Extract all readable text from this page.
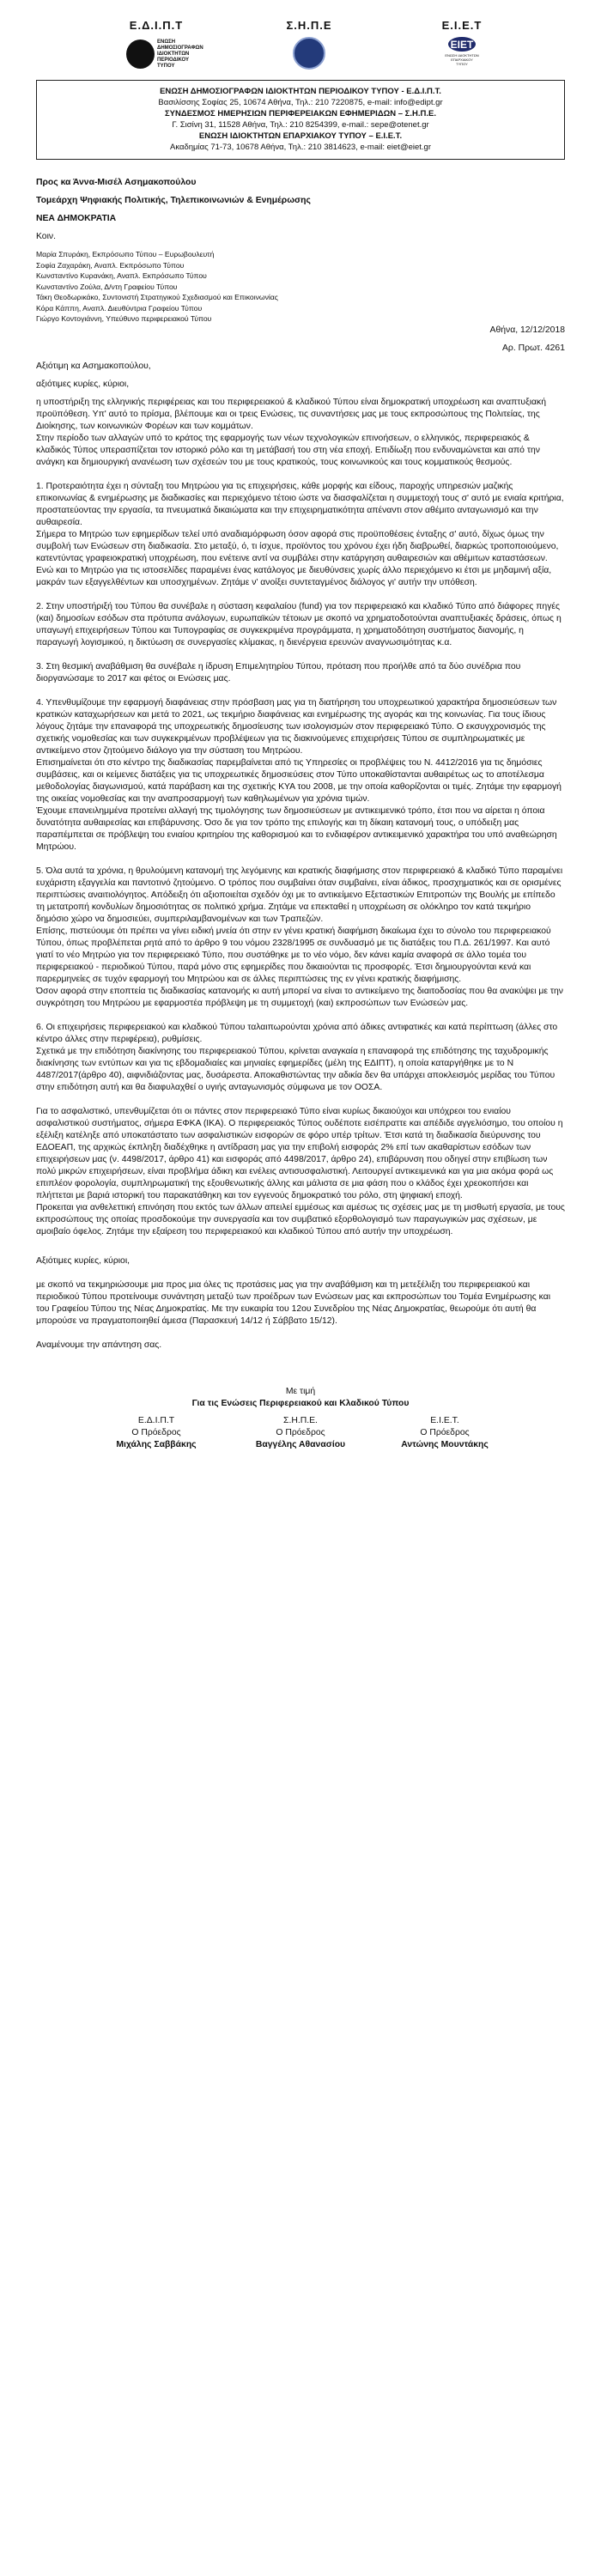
Ε.Δ.Ι.Π.Τ
ΕΝΩΣΗ ΔΗΜΟΣΙΟΓΡΑΦΩΝ ΙΔΙΟΚΤΗΤΩΝ ΠΕΡΙΟΔΙΚΟΥ ΤΥΠΟΥ
Σ.Η.Π.Ε	Ε.Ι.Ε.Τ
EIET
ΕΝΩΣΗ ΙΔΙΟΚΤΗΤΩΝ ΕΠΑΡΧΙΑΚΟΥ ΤΥΠΟΥ
ΕΝΩΣΗ ΔΗΜΟΣΙΟΓΡΑΦΩΝ ΙΔΙΟΚΤΗΤΩΝ ΠΕΡΙΟΔΙΚΟΥ ΤΥΠΟΥ - Ε.Δ.Ι.Π.Τ.
Βασιλίσσης Σοφίας 25, 10674 Αθήνα, Τηλ.: 210 7220875, e-mail: info@edipt.gr
ΣΥΝΔΕΣΜΟΣ ΗΜΕΡΗΣΙΩΝ ΠΕΡΙΦΕΡΕΙΑΚΩΝ ΕΦΗΜΕΡΙΔΩΝ – Σ.Η.Π.Ε.
Γ. Σισίνη 31, 11528 Αθήνα, Τηλ.: 210 8254399, e-mail.: sepe@otenet.gr
ΕΝΩΣΗ ΙΔΙΟΚΤΗΤΩΝ ΕΠΑΡΧΙΑΚΟΥ ΤΥΠΟΥ – Ε.Ι.Ε.Τ.
Ακαδημίας 71-73, 10678 Αθήνα, Τηλ.: 210 3814623, e-mail: eiet@eiet.gr
Προς κα Άννα-Μισέλ Ασημακοπούλου
Τομεάρχη Ψηφιακής Πολιτικής, Τηλεπικοινωνιών & Ενημέρωσης
ΝΕΑ ΔΗΜΟΚΡΑΤΙΑ
Κοιν.
Μαρία Σπυράκη, Εκπρόσωπο Τύπου – Ευρωβουλευτή
Σοφία Ζαχαράκη, Αναπλ. Εκπρόσωπο Τύπου
Κωνσταντίνο Κυρανάκη, Αναπλ. Εκπρόσωπο Τύπου
Κωνσταντίνο Ζούλα, Δ/ντη Γραφείου Τύπου
Τάκη Θεοδωρικάκο, Συντονιστή Στρατηγικού Σχεδιασμού και Επικοινωνίας
Κόρα Κάππη, Αναπλ. Διευθύντρια Γραφείου Τύπου
Γιώργο Κοντογιάννη, Υπεύθυνο περιφερειακού Τύπου
Αθήνα, 12/12/2018
Αρ. Πρωτ. 4261
Αξιότιμη κα Ασημακοπούλου,
αξιότιμες κυρίες, κύριοι,

η υποστήριξη της ελληνικής περιφέρειας και του περιφερειακού & κλαδικού Τύπου είναι δημοκρατική υποχρέωση και αναπτυξιακή προϋπόθεση. Υπ' αυτό το πρίσμα, βλέπουμε και οι τρεις Ενώσεις, τις συναντήσεις μας με τους εκπροσώπους της Πολιτείας, της Διοίκησης, των κοινωνικών Φορέων και των κομμάτων.

Στην περίοδο των αλλαγών υπό το κράτος της εφαρμογής των νέων τεχνολογικών επινοήσεων, ο ελληνικός, περιφερειακός & κλαδικός Τύπος υπερασπίζεται τον ιστορικό ρόλο και τη μετάβασή του στη νέα εποχή. Επιδίωξη που ενδυναμώνεται και από την ανάγκη και δημιουργική ανανέωση των σχέσεών του με τους κρατικούς, τους κοινωνικούς και τους κομματικούς θεσμούς.

1. Προτεραιότητα έχει η σύνταξη του Μητρώου για τις επιχειρήσεις, κάθε μορφής και είδους, παροχής υπηρεσιών μαζικής επικοινωνίας & ενημέρωσης με διαδικασίες και περιεχόμενο τέτοιο ώστε να διασφαλίζεται η συμμετοχή τους σ' αυτό με ενιαία κριτήρια, προστατεύοντας την εργασία, τα πνευματικά δικαιώματα και την επιχειρηματικότητα απέναντι στον αθέμιτο ανταγωνισμό και την αυθαιρεσία.

Σήμερα το Μητρώο των εφημερίδων τελεί υπό αναδιαμόρφωση όσον αφορά στις προϋποθέσεις ένταξης σ' αυτό, δίχως όμως την συμβολή των Ενώσεων στη διαδικασία. Στο μεταξύ, ό, τι ίσχυε, προϊόντος του χρόνου έχει ήδη διαβρωθεί, διαρκώς τροποποιούμενο, κατεντύντας γραφειοκρατική υποχρέωση, που ενέτεινε αντί να συμβάλει στην κατάργηση αυθαιρεσιών και αθέμιτων καταστάσεων. Ενώ και το Μητρώο για τις ιστοσελίδες παραμένει ένας κατάλογος με διευθύνσεις χωρίς άλλο περιεχόμενο κι έτσι με μηδαμινή αξία, μακράν των εξαγγελθέντων και υποσχημένων. Ζητάμε ν' ανοίξει συντεταγμένος διάλογος γι' αυτήν την υπόθεση.

2. Στην υποστήριξή του Τύπου θα συνέβαλε η σύσταση κεφαλαίου (fund) για τον περιφερειακό και κλαδικό Τύπο από διάφορες πηγές (και) δημοσίων εσόδων στα πρότυπα ανάλογων, ευρωπαϊκών τέτοιων με σκοπό να χρηματοδοτούνται αναπτυξιακές δράσεις, όπως η υπαγωγή επιχειρήσεων Τύπου και Τυπογραφίας σε συγκεκριμένα προγράμματα, η χρηματοδότηση συστήματος διανομής, η παραγωγή λογισμικού, η δικτύωση σε συνεργασίες κλίμακας, η διενέργεια ερευνών αναγνωσιμότητας κ.α.

3. Στη θεσμική αναβάθμιση θα συνέβαλε η ίδρυση Επιμελητηρίου Τύπου, πρόταση που προήλθε από τα δύο συνέδρια που διοργανώσαμε το 2017 και φέτος οι Ενώσεις μας.

4. Υπενθυμίζουμε την εφαρμογή διαφάνειας στην πρόσβαση μας για τη διατήρηση του υποχρεωτικού χαρακτήρα δημοσιεύσεων των κρατικών καταχωρήσεων και μετά το 2021, ως τεκμήριο διαφάνειας και ενημέρωσης της αγοράς και της κοινωνίας. Για τους ίδιους λόγους ζητάμε την επαναφορά της υποχρεωτικής δημοσίευσης των ισολογισμών στον περιφερειακό Τύπο. Ο εκσυγχρονισμός της σχετικής νομοθεσίας και των συγκεκριμένων προβλέψεων για τις διακινούμενες επιχειρήσεις Τύπου σε συμπληρωματικές με αντικείμενο στον ζητούμενο διάλογο για την σύσταση του Μητρώου.

Επισημαίνεται ότι στο κέντρο της διαδικασίας παρεμβαίνεται από τις Υπηρεσίες οι προβλέψεις του Ν. 4412/2016 για τις δημόσιες συμβάσεις, και οι κείμενες διατάξεις για τις υποχρεωτικές δημοσιεύσεις στον Τύπο υποκαθίστανται αυθαιρέτως ως το αποτέλεσμα μεθοδολογίας διαγωνισμού, κατά παράβαση και της σχετικής ΚΥΑ του 2008, με την οποία καθορίζονται οι τιμές. Ζητάμε την εφαρμογή της οικείας νομοθεσίας και την αναπροσαρμογή των καθηλωμένων για χρόνια τιμών.

Έχουμε επανειλημμένα προτείνει αλλαγή της τιμολόγησης των δημοσιεύσεων με αντικειμενικό τρόπο, έτσι που να αίρεται η όποια δυνατότητα αυθαιρεσίας και επιβάρυνσης. Όσο δε για τον τρόπο της επιλογής και τη δίκαιη κατανομή τους, ο υπόδειξη μας παραπέμπεται σε πρόβλεψη του ενιαίου κριτηρίου της καθορισμού και το ενδιαφέρον αντικειμενικό χαρακτήρα του υπό αναθεώρηση Μητρώου.

5. Όλα αυτά τα χρόνια, η θρυλούμενη κατανομή της λεγόμενης και κρατικής διαφήμισης στον περιφερειακό & κλαδικό Τύπο παραμένει ευχάριστη εξαγγελία και παντοτινό ζητούμενο. Ο τρόπος που συμβαίνει όταν συμβαίνει, είναι άδικος, προσχηματικός και σε ορισμένες περιπτώσεις αναιτιολόγητος. Απόδειξη ότι αξιοποιείται σχεδόν όχι με το αντικείμενο Εξεταστικών Επιτροπών της Βουλής με επίπεδο τη μετατροπή κονδυλίων δημοσιότητας σε πολιτικό χρήμα. Ζητάμε να επεκταθεί η υποχρέωση σε ολόκληρο τον κατά τεκμήριο δημόσιο χώρο να δημοσιεύει, συμπεριλαμβανομένων και των Τραπεζών.

Επίσης, πιστεύουμε ότι πρέπει να γίνει ειδική μνεία ότι στην εν γένει κρατική διαφήμιση δικαίωμα έχει το σύνολο του περιφερειακού Τύπου, όπως προβλέπεται ρητά από το άρθρο 9 του νόμου 2328/1995 σε συνδυασμό με τις διατάξεις του Π.Δ. 261/1997. Και αυτό γιατί το νέο Μητρώο για τον περιφερειακό Τύπο, που συστάθηκε με το νέο νόμο, δεν κάνει καμία αναφορά σε άλλο τομέα του περιφερειακού - περιοδικού Τύπου, παρά μόνο στις εφημερίδες που δικαιούνται τις προσφορές. Έτσι δημιουργούνται κενά και παρερμηνείες σε τυχόν εφαρμογή του Μητρώου και σε άλλες περιπτώσεις της εν γένει κρατικής διαφήμισης.

Όσον αφορά στην εποπτεία τις διαδικασίας κατανομής κι αυτή μπορεί να είναι το αντικείμενο της διαιτοδοσίας που θα ανακύψει με την συγκρότηση του Μητρώου με εφαρμοστέα πρόβλεψη με τη συμμετοχή (και) εκπροσώπων των Ενώσεών μας.

6. Οι επιχειρήσεις περιφερειακού και κλαδικού Τύπου ταλαιπωρούνται χρόνια από άδικες αντιφατικές και κατά περίπτωση (άλλες στο κέντρο άλλες στην περιφέρεια), ρυθμίσεις.

Σχετικά με την επιδότηση διακίνησης του περιφερειακού Τύπου, κρίνεται αναγκαία η επαναφορά της επιδότησης της ταχυδρομικής διακίνησης των εντύπων και για τις εβδομαδιαίες και μηνιαίες εφημερίδες (μέλη της ΕΔΙΠΤ), η οποία καταργήθηκε με το Ν 4487/2017(άρθρο 40), αιφνιδιάζοντας μας, δυσάρεστα. Αποκαθιστώντας την αδικία δεν θα υπάρχει αποκλεισμός μερίδας του Τύπου στην επιδότηση αυτή και θα διαφυλαχθεί ο υγιής ανταγωνισμός σύμφωνα με τον ΟΟΣΑ.

Για το ασφαλιστικό, υπενθυμίζεται ότι οι πάντες στον περιφερειακό Τύπο είναι κυρίως δικαιούχοι και υπόχρεοι του ενιαίου ασφαλιστικού συστήματος, σήμερα ΕΦΚΑ (ΙΚΑ). Ο περιφερειακός Τύπος ουδέποτε εισέπραττε και απέδιδε αγγελιόσημο, του οποίου η εξέλιξη κατέληξε από υποκατάστατο των ασφαλιστικών εισφορών σε φόρο υπέρ τρίτων. Έτσι κατά τη διαδικασία διεύρυνσης του ΕΔΟΕΑΠ, της αρχικώς έκπληξη διαδέχθηκε η αντίδραση μας για την επιβολή εισφοράς 2% επί των ακαθαρίστων εσόδων των επιχειρήσεων μας (ν. 4498/2017, άρθρο 41) και εισφοράς από 4498/2017, άρθρο 24), επιβάρυνση που οδηγεί στην επιβίωση των πολύ μικρών επιχειρήσεων, είναι προβλήμα άδικη και ενέλεις αντισυσφαλιστική. Λειτουργεί αντικειμενικά και για μια ακόμα φορά ως επιπλέον φορολογία, συμπληρωματική της εξουθενωτικής άλλης και μάλιστα σε μια φάση που ο κλάδος έχει χρεοκοπήσει και πλήττεται με βαριά ιστορική του παρακατάθηκη και τον εγγενούς δημοκρατικό του ρόλο, στη ψηφιακή εποχή.

Προκειται για ανθελεττική επινόηση που εκτός των άλλων απειλεί εμμέσως και αμέσως τις σχέσεις μας με τη μισθωτή εργασία, με τους εκπροσώπους της οποίας προσδοκούμε την συνεργασία και τον συμβατικό εξορθολογισμό των παραγωγικών μας σχέσεων, με αμοιβαίο όφελος. Ζητάμε την εξαίρεση του περιφερειακού και κλαδικού Τύπου από αυτήν την υποχρέωση.

Αξιότιμες κυρίες, κύριοι,

με σκοπό να τεκμηριώσουμε μια προς μια όλες τις προτάσεις μας για την αναβάθμιση και τη μετεξέλιξη του περιφερειακού και περιοδικού Τύπου προτείνουμε συνάντηση μεταξύ των προέδρων των Ενώσεων μας και εκπροσώπων του Τομέα Ενημέρωσης και του Γραφείου Τύπου της Νέας Δημοκρατίας. Με την ευκαιρία του 12ου Συνεδρίου της Νέας Δημοκρατίας, θεωρούμε ότι αυτή θα μπορούσε να πραγματοποιηθεί άμεσα (Παρασκευή 14/12 ή Σάββατο 15/12).

Αναμένουμε την απάντηση σας.

Με τιμή
Για τις Ενώσεις Περιφερειακού και Κλαδικού Τύπου
Ε.Δ.Ι.Π.Τ
Ο Πρόεδρος
Μιχάλης Σαββάκης
Σ.Η.Π.Ε.
Ο Πρόεδρος
Βαγγέλης Αθανασίου
Ε.Ι.Ε.Τ.
Ο Πρόεδρος
Αντώνης Μουντάκης
